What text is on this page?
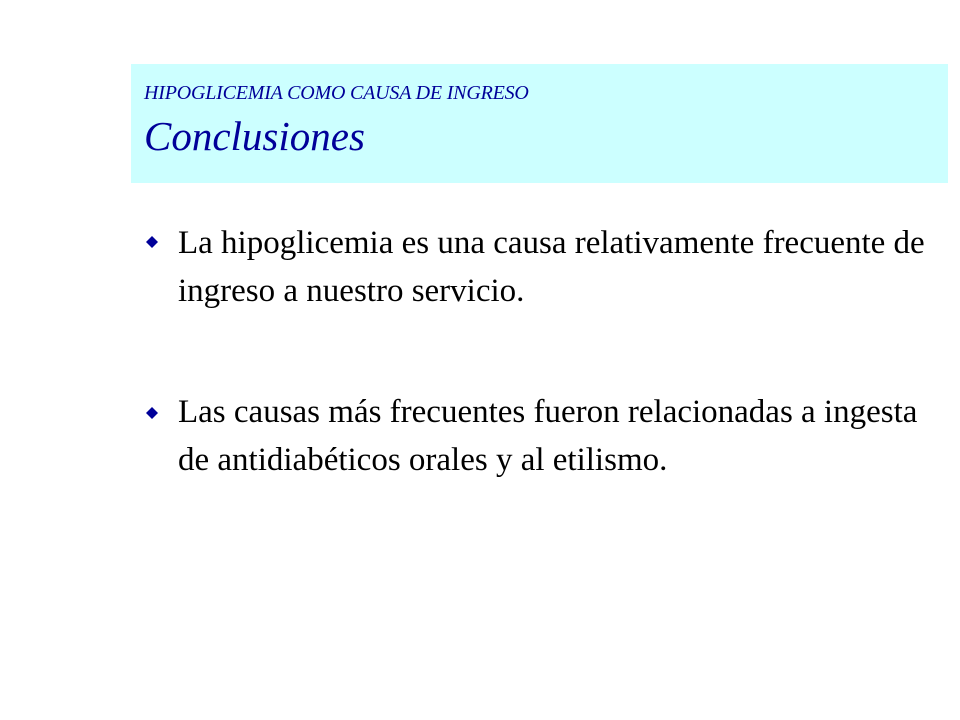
HIPOGLICEMIA COMO CAUSA DE INGRESO
Conclusiones
La hipoglicemia es una causa relativamente frecuente de ingreso a nuestro servicio.
Las causas más frecuentes fueron relacionadas a ingesta de antidiabéticos orales y al etilismo.
